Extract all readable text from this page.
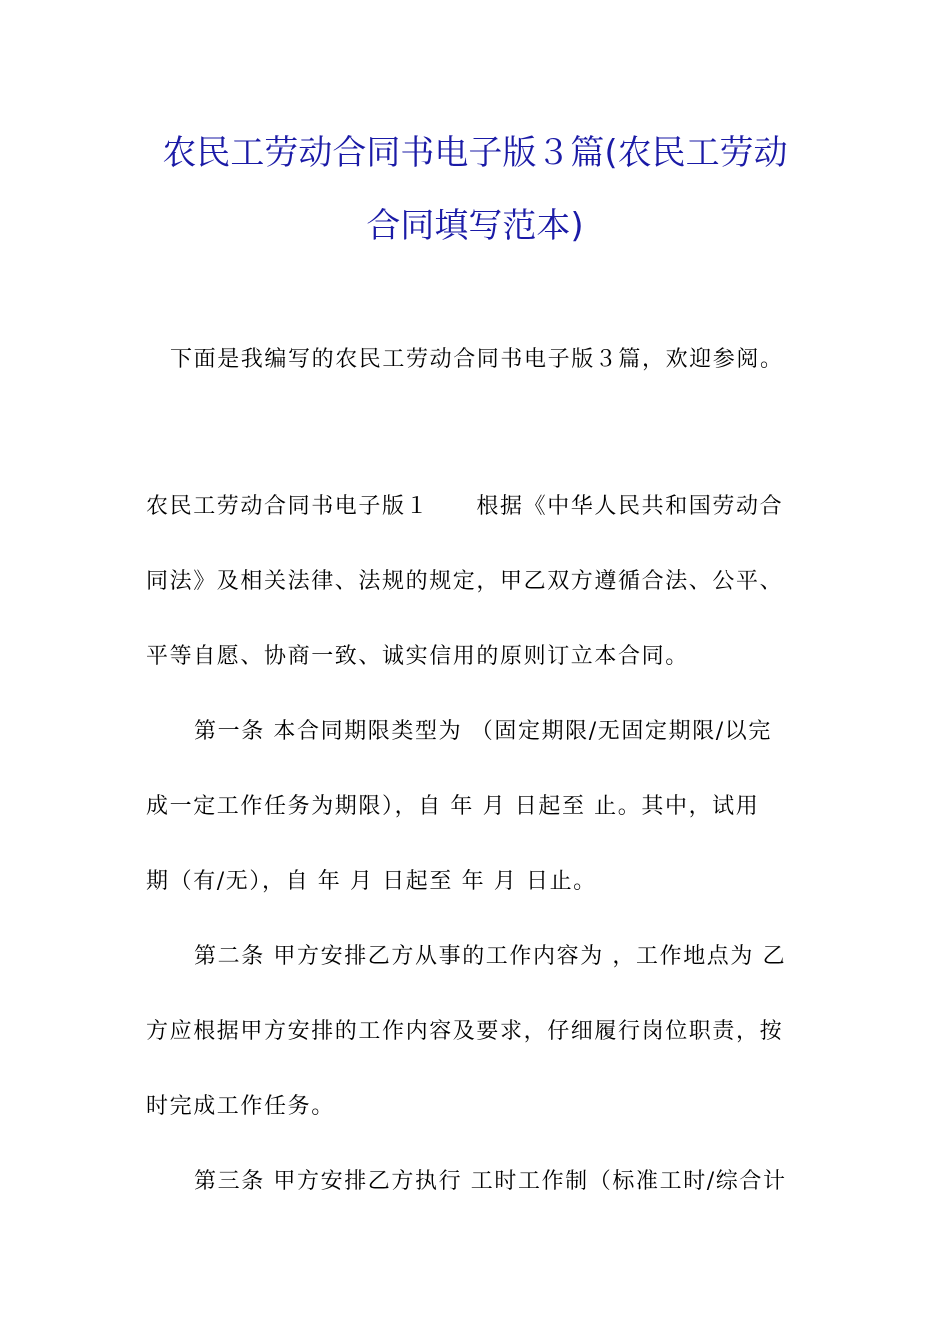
农民工劳动合同书电子版３篇(农民工劳动
合同填写范本)
下面是我编写的农民工劳动合同书电子版３篇，欢迎参阅。
农民工劳动合同书电子版１　　根据《中华人民共和国劳动合
同法》及相关法律、法规的规定，甲乙双方遵循合法、公平、
平等自愿、协商一致、诚实信用的原则订立本合同。
第一条 本合同期限类型为 （固定期限/无固定期限/以完
成一定工作任务为期限），自 年 月 日起至 止。其中，试用
期（有/无），自 年 月 日起至 年 月 日止。
第二条 甲方安排乙方从事的工作内容为 ，工作地点为 乙
方应根据甲方安排的工作内容及要求，仔细履行岗位职责，按
时完成工作任务。
第三条 甲方安排乙方执行 工时工作制（标准工时/综合计
